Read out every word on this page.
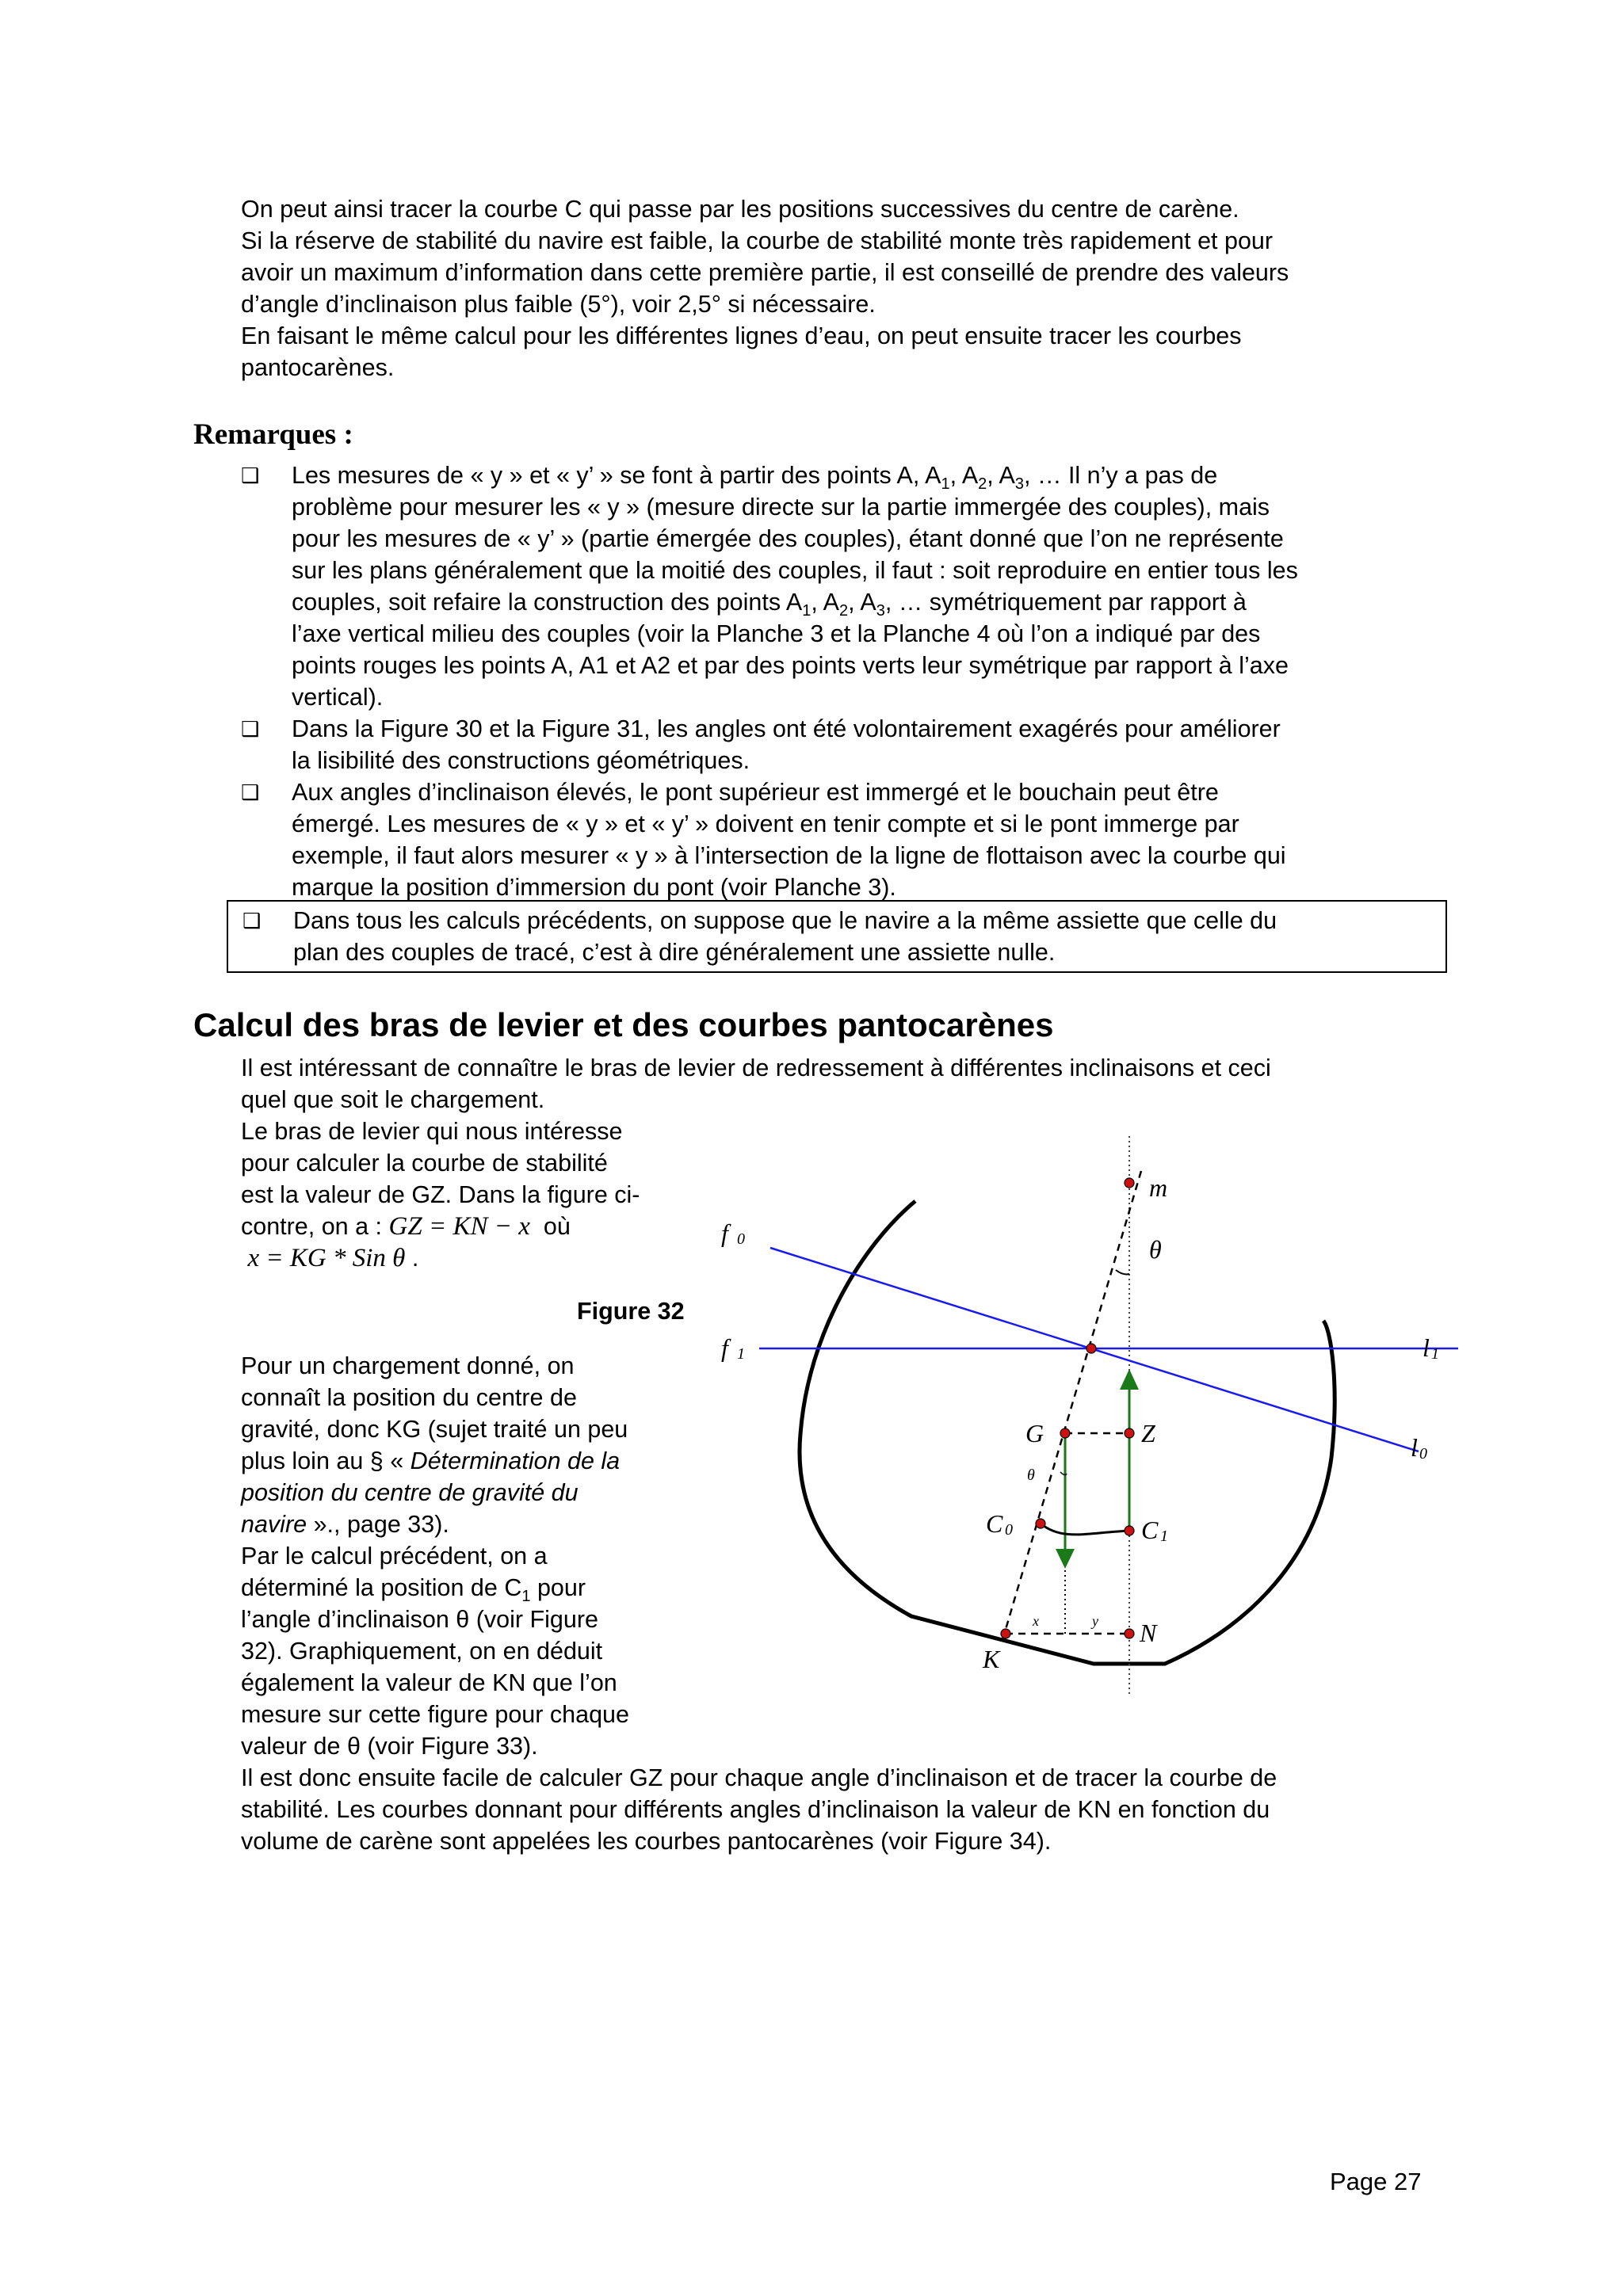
On peut ainsi tracer la courbe C qui passe par les positions successives du centre de carène.

Si la réserve de stabilité du navire est faible, la courbe de stabilité monte très rapidement et pour

avoir un maximum d’information dans cette première partie, il est conseillé de prendre des valeurs

d’angle d’inclinaison plus faible (5°), voir 2,5° si nécessaire.

En faisant le même calcul pour les différentes lignes d’eau, on peut ensuite tracer les courbes

pantocarènes.

Remarques :
❑ Les mesures de « y » et « y’ » se font à partir des points A, $A_1$, $A_2$, $A_3$, … Il n’y a pas de

problème pour mesurer les « y » (mesure directe sur la partie immergée des couples), mais

pour les mesures de « y’ » (partie émergée des couples), étant donné que l’on ne représente

sur les plans généralement que la moitié des couples, il faut : soit reproduire en entier tous les

couples, soit refaire la construction des points $A_1$, $A_2$, $A_3$, … symétriquement par rapport à

l’axe vertical milieu des couples (voir la Planche 3 et la Planche 4 où l’on a indiqué par des

points rouges les points A, A1 et A2 et par des points verts leur symétrique par rapport à l’axe

vertical).

❑ Dans la Figure 30 et la Figure 31, les angles ont été volontairement exagérés pour améliorer

la lisibilité des constructions géométriques.

❑ Aux angles d’inclinaison élevés, le pont supérieur est immergé et le bouchain peut être

émergé. Les mesures de « y » et « y’ » doivent en tenir compte et si le pont immerge par

exemple, il faut alors mesurer « y » à l’intersection de la ligne de flottaison avec la courbe qui

marque la position d’immersion du pont (voir Planche 3).

❑ Dans tous les calculs précédents, on suppose que le navire a la même assiette que celle du

plan des couples de tracé, c’est à dire généralement une assiette nulle.

Calcul des bras de levier et des courbes pantocarènes

Il est intéressant de connaître le bras de levier de redressement à différentes inclinaisons et ceci

quel que soit le chargement.

Le bras de levier qui nous intéresse

pour calculer la courbe de stabilité

est la valeur de GZ. Dans la figure ci-

contre, on a : GZ = KN − x où

x = KG * Sin θ .

Figure 32

Pour un chargement donné, on

connaît la position du centre de

gravité, donc KG (sujet traité un peu

plus loin au § « Détermination de la

position du centre de gravité du

navire »., page 33).

Par le calcul précédent, on a

déterminé la position de $C_1$ pour

l’angle d’inclinaison θ (voir Figure

32). Graphiquement, on en déduit

également la valeur de KN que l’on

mesure sur cette figure pour chaque

valeur de θ (voir Figure 33).

m
θ
f 0
f 1	l 1
l 0
G	Z
θ
C 0	C 1
K
N
x	y

Il est donc ensuite facile de calculer GZ pour chaque angle d’inclinaison et de tracer la courbe de

stabilité. Les courbes donnant pour différents angles d’inclinaison la valeur de KN en fonction du

volume de carène sont appelées les courbes pantocarènes (voir Figure 34).

Page 27
